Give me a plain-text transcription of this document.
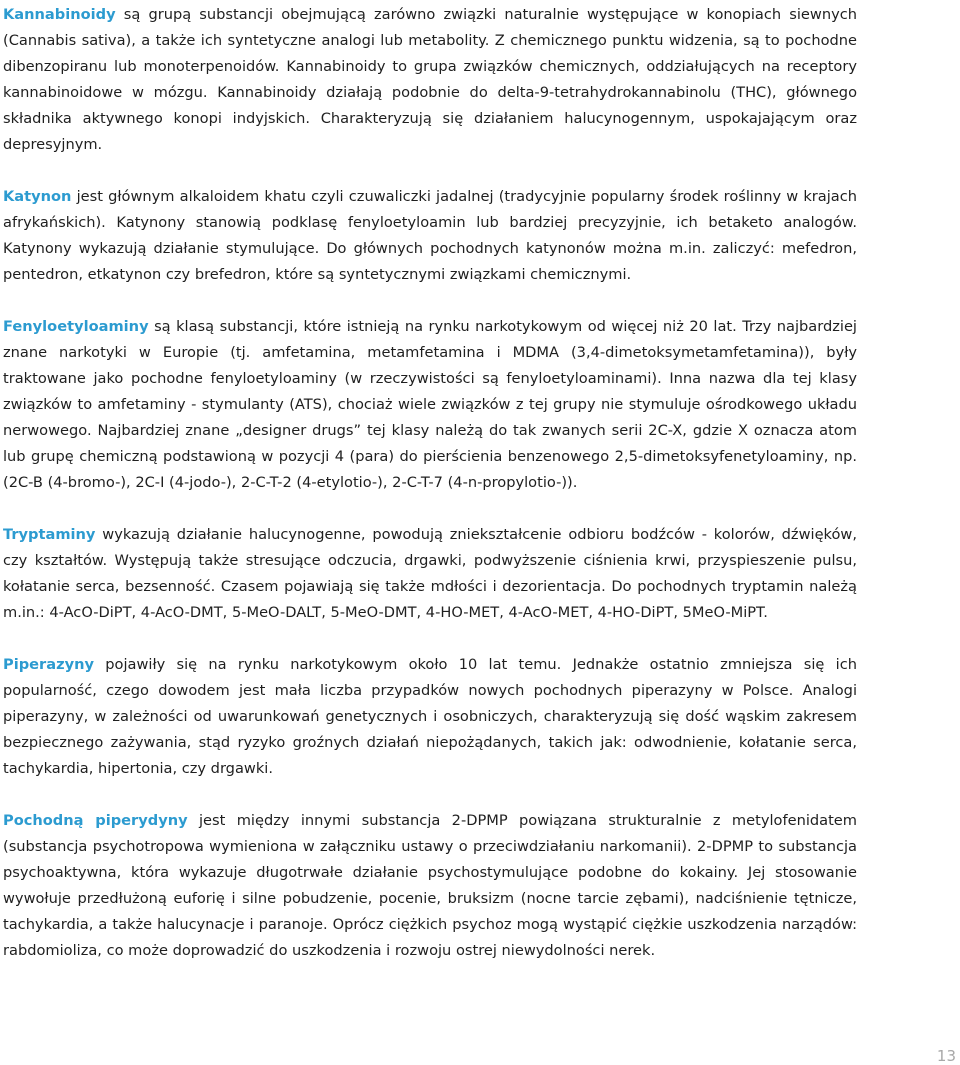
Kannabinoidy są grupą substancji obejmującą zarówno związki naturalnie występujące w konopiach siewnych (Cannabis sativa), a także ich syntetyczne analogi lub metabolity. Z chemicznego punktu widzenia, są to pochodne dibenzopiranu lub monoterpenoidów. Kannabinoidy to grupa związków chemicznych, oddziałujących na receptory kannabinoidowe w mózgu. Kannabinoidy działają podobnie do delta-9-tetrahydrokannabinolu (THC), głównego składnika aktywnego konopi indyjskich. Charakteryzują się działaniem halucynogennym, uspokajającym oraz depresyjnym.

Katynon jest głównym alkaloidem khatu czyli czuwaliczki jadalnej (tradycyjnie popularny środek roślinny w krajach afrykańskich). Katynony stanowią podklasę fenyloetyloamin lub bardziej precyzyjnie, ich betaketo analogów. Katynony wykazują działanie stymulujące. Do głównych pochodnych katynonów można m.in. zaliczyć: mefedron, pentedron, etkatynon czy brefedron, które są syntetycznymi związkami chemicznymi.

Fenyloetyloaminy są klasą substancji, które istnieją na rynku narkotykowym od więcej niż 20 lat. Trzy najbardziej znane narkotyki w Europie (tj. amfetamina, metamfetamina i MDMA (3,4-dimetoksymetamfetamina)), były traktowane jako pochodne fenyloetyloaminy (w rzeczywistości są fenyloetyloaminami). Inna nazwa dla tej klasy związków to amfetaminy - stymulanty (ATS), chociaż wiele związków z tej grupy nie stymuluje ośrodkowego układu nerwowego. Najbardziej znane „designer drugs” tej klasy należą do tak zwanych serii 2C-X, gdzie X oznacza atom lub grupę chemiczną podstawioną w pozycji 4 (para) do pierścienia benzenowego 2,5-dimetoksyfenetyloaminy, np. (2C-B (4-bromo-), 2C-I (4-jodo-), 2-C-T-2 (4-etylotio-), 2-C-T-7 (4-n-propylotio-)).

Tryptaminy wykazują działanie halucynogenne, powodują zniekształcenie odbioru bodźców - kolorów, dźwięków, czy kształtów. Występują także stresujące odczucia, drgawki, podwyższenie ciśnienia krwi, przyspieszenie pulsu, kołatanie serca, bezsenność. Czasem pojawiają się także mdłości i dezorientacja. Do pochodnych tryptamin należą m.in.: 4-AcO-DiPT, 4-AcO-DMT, 5-MeO-DALT, 5-MeO-DMT, 4-HO-MET, 4-AcO-MET, 4-HO-DiPT, 5MeO-MiPT.

Piperazyny pojawiły się na rynku narkotykowym około 10 lat temu. Jednakże ostatnio zmniejsza się ich popularność, czego dowodem jest mała liczba przypadków nowych pochodnych piperazyny w Polsce. Analogi piperazyny, w zależności od uwarunkowań genetycznych i osobniczych, charakteryzują się dość wąskim zakresem bezpiecznego zażywania, stąd ryzyko groźnych działań niepożądanych, takich jak: odwodnienie, kołatanie serca, tachykardia, hipertonia, czy drgawki.

Pochodną piperydyny jest między innymi substancja 2-DPMP powiązana strukturalnie z metylofenidatem (substancja psychotropowa wymieniona w załączniku ustawy o przeciwdziałaniu narkomanii). 2-DPMP to substancja psychoaktywna, która wykazuje długotrwałe działanie psychostymulujące podobne do kokainy. Jej stosowanie wywołuje przedłużoną euforię i silne pobudzenie, pocenie, bruksizm (nocne tarcie zębami), nadciśnienie tętnicze, tachykardia, a także halucynacje i paranoje. Oprócz ciężkich psychoz mogą wystąpić ciężkie uszkodzenia narządów: rabdomioliza, co może doprowadzić do uszkodzenia i rozwoju ostrej niewydolności nerek.

13
